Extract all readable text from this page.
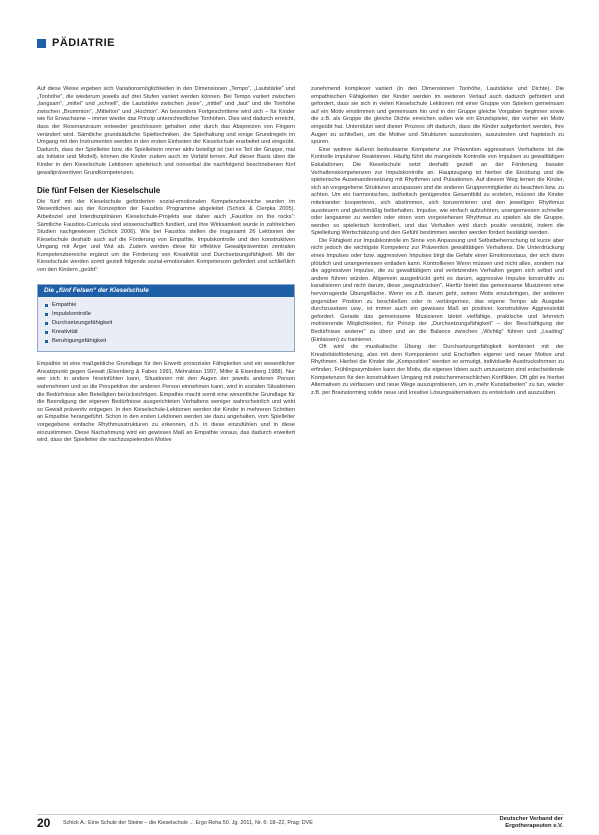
PÄDIATRIE

Auf diese Weise ergeben sich Variationsmöglichkeiten in den Dimensionen „Tempo“, „Lautstärke“ und „Tonhöhe“, die wiederum jeweils auf drei Stufen variiert werden können. Bei Tempo variiert zwischen „langsam“, „mittel“ und „schnell“, die Lautstärke zwischen „leise“, „mittel“ und „laut“ und die Tonhöhe zwischen „Brummton“, „Mittelton“ und „Hochton“. An besonders Fortgeschrittene wird sich – für Kinder wie für Erwachsene – immer wieder das Prinzip unterschiedlicher Tonhöhen. Dies wird dadurch erreicht, dass der Resonanzraum entweder geschlossen gehalten oder durch das Abspreizen von Fingern verändert wird. Sämtliche grundsätzliche Spieltechniken, die Spielhaltung und einige Grundregeln im Umgang mit den Instrumenten werden in den ersten Einheiten der Kieselschule erarbeitet und eingeübt. Dadurch, dass der Spielleiter bzw. die Spielleiterin immer aktiv beteiligt ist (sei es Teil der Gruppe, mal als Initiator und Modell), können die Kinder zudem auch im Vorbild lernen. Auf dieser Basis üben die Kinder in den Kieselschule Lektionen spielerisch und nonverbal die nachfolgend beschriebenen fünf gewaltpräventiven Grundkompetenzen.

Die fünf Felsen der Kieselschule

Die fünf mit der Kieselschule geförderten sozial-emotionalen Kompetenzbereiche wurden im Wesentlichen aus der Konzeption der Faustlos Programme abgeleitet (Schick & Cierpka 2005). Arbeitsziel und Interdisziplinären Kieselschule-Projekts war daher auch „Faustlos on the rocks“: Sämtliche Faustlos-Curricula sind wissenschaftlich fundiert, und ihre Wirksamkeit wurde in zahlreichen Studien nachgewiesen (Schick 2006). Wie bei Faustlos stellen die insgesamt 26 Lektionen der Kieselschule deshalb auch auf die Förderung von Empathie, Impulskontrolle und den konstruktiven Umgang mit Ärger und Wut ab. Zudem werden diese für effektive Gewaltprävention zentralen Kompetenzbereiche ergänzt um die Förderung von Kreativität und Durchsetzungsfähigkeit. Mit der Kieselschule werden somit gezielt folgende sozial-emotionalen Kompetenzen gefördert und schließlich von den Kindern „geübt“:

Die „fünf Felsen“ der Kieselschule
Empathie
Impulskontrolle
Durchsetzungsfähigkeit
Kreativität
Beruhigungsfähigkeit

Empathie ist eine maßgebliche Grundlage für den Erwerb prosozialer Fähigkeiten und ein wesentlicher Ansatzpunkt gegen Gewalt (Eisenberg & Fabes 1991, Mehrabian 1997, Miller & Eisenberg 1988). Nur wer sich in andere hineinfühlen kann, Situationen mit den Augen der jeweils anderen Person wahrnehmen und so die Perspektive der anderen Person einnehmen kann, wird in sozialen Situationen die Bedürfnisse aller Beteiligten berücksichtigen. Empathie macht somit eine wesentliche Grundlage für die Beendigung der eigenen Bedürfnisse ausgerichteten Verhaltens weniger wahrscheinlich und wirkt so Gewalt präventiv entgegen. In den Kieselschule-Lektionen werden die Kinder in mehreren Schritten an Empathie herangeführt. Schon in den ersten Lektionen werden sie dazu angehalten, vom Spielleiter vorgegebene einfache Rhythmusstrukturen zu erkennen, d.h. in diese einzufühlen und in diese einzustimmen. Diese Nachahmung wird ein gewisses Maß an Empathie voraus, das dadurch erweitert wird, dass der Spielleiter die nachzuspielenden Motive

zunehmend komplexer variiert (in den Dimensionen Tonhöhe, Lautstärke und Dichte). Die empathischen Fähigkeiten der Kinder werden im weiteren Verlauf auch dadurch gefördert und gefordert, dass sie sich in vielen Kieselschule Lektionen mit einer Gruppe von Spielern gemeinsam auf ein Motiv einstimmen und gemeinsam hin und in der Gruppe gleiche Vorgaben beginnen sowie die z.B. als Gruppe die gleiche Dichte erreichen sollen wie ein Einzelspieler, der vorher ein Motiv eingeübt hat. Unterstützt wird dieser Prozess oft dadurch, dass die Kinder aufgefordert werden, ihre Augen zu schließen, um die Motive und Strukturen auszukosten, auszutesten und hapteisch zu spüren.

Eine weitere äußerst bedeutsame Kompetenz zur Prävention aggressiven Verhaltens ist die Kontrolle impulsiver Reaktionen. Häufig führt die mangelnde Kontrolle von Impulsen zu gewalttätigen Eskalationen. Die Kieselschule setzt deshalb gezielt an der Förderung basaler Verhaltenskompetenzen zur Impulskontrolle an. Hauptzugang ist hierbei die Einübung und die spielerische Auseinandersetzung mit Rhythmen und Pulsationen. Auf diesem Weg lernen die Kinder, sich an vorgegebene Strukturen anzupassen und die anderen Gruppenmitglieder zu beachten bzw. zu achten. Um ein harmonisches, ästhetisch genügendes Gesamtbild zu erzielen, müssen die Kinder miteinander kooperieren, sich abstimmen, sich konzentrieren und den jeweiligen Rhythmus aussteuern und gleichmäßig beibehalten. Impulse, wie einfach aufzuhören, unangemessen schneller oder langsamer zu werden oder einen vom vorgesehenen Rhythmus zu spielen als die Gruppe, werden so spielerisch kontrolliert, und das Verhalten wird durch positiv verstärkt, indem die Spielleitung Wertschätzung und den Gefühl bestimmen werden werden fordert bestätigt werden.

Die Fähigkeit zur Impulskontrolle im Sinne von Anpassung und Selbstbeherrschung ist kurze aber nicht jedoch die wichtigste Kompetenz zur Prävention gewalttätigen Verhaltens. Die Unterdrückung eines Impulses oder bzw. aggressiven Impulses birgt die Gefahr einer Emotionsstaus, der sich dann plötzlich und unangemessen entladen kann. Kontrollieren Wenn müssen und nicht alles, sondern nur die aggressiven Impulse, die zu gewalttätigem und verletzenden Verhalten gegen sich selbst und andere führen würden. Allgemein ausgedrückt geht es darum, aggressive Impulse konstruktiv zu kanalisieren und nicht darum, diese „wegzudrücken“. Hierfür bietet das gemeinsame Musizieren eine hervorragende Übungsfläche. Wenn es z.B. darum geht, seinen Motiv einzubringen, der anderen gegenüber Position zu beschließen oder in verlängernes, das eigene Tempo als Ausgabe durchzusetzen usw., ist immer auch ein gewisses Maß an positiver, konstruktiver Aggressivität gefordert. Gerade das gemeinsame Musizieren bietet vielfältige, praktische und lehrreich motivierende Möglichkeiten, für Prinzip der „Durchsetzungsfähigkeit“ – der Beschäftigung der Bedürfnisse anderer“ zu üben und an die Balance zwischen „Wichtig“ führen und „Leading“ (Einlassen) zu trainieren.

Oft wird die musikalische Übung der Durchsetzungsfähigkeit kombiniert mit der Kreativitätsförderung, also mit dem Komponieren und Erschaffen eigener und neuer Motive und Rhythmen. Hierbei die Kinder die „Komposition“ werden so ermutigt, individuelle Ausdrucksformen zu erfinden, Frühlingssymbolen kann der Motiv, die eigenen Ideen auch umzusetzen sind entscheidende Kompetenzen für den konstruktiven Umgang mit zwischenmenschlichen Konflikten. Oft gibt es hierbei Alternativen zu verfassen und neue Wege auszuprobieren, um in „mehr Kunstarbeiten“ zu tun, wieder z.B. per Brainstorming solide neue und kreative Lösungsalternativen zu entwickeln und auszuüben.

20 Schick A.: Eine Schule der Steine – die Kieselschule ... Ergo Reha 50. Jg. 2011, Nr. 6: 18–22, Prag: DVE
Deutscher Verband der
Ergotherapeuten e.V.
